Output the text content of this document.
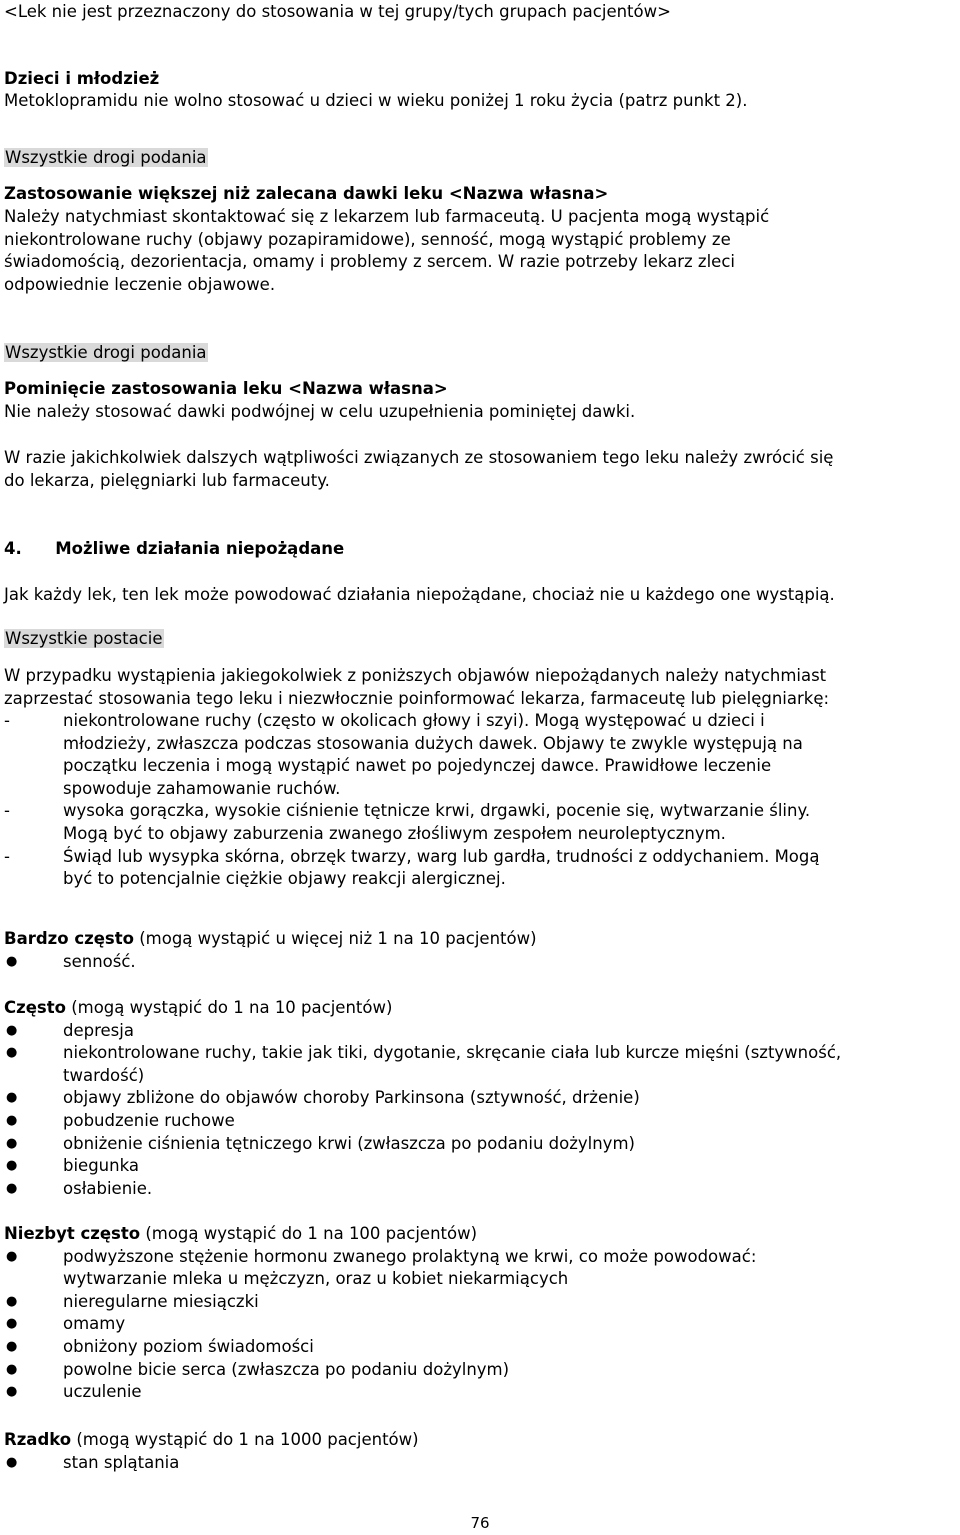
<Lek nie jest przeznaczony do stosowania w tej grupy/tych grupach pacjentów>
Dzieci i młodzież
Metoklopramidu nie wolno stosować u dzieci w wieku poniżej 1 roku życia (patrz punkt 2).
Wszystkie drogi podania
Zastosowanie większej niż zalecana dawki leku <Nazwa własna>
Należy natychmiast skontaktować się z lekarzem lub farmaceutą. U pacjenta mogą wystąpić
niekontrolowane ruchy (objawy pozapiramidowe), senność, mogą wystąpić problemy ze
świadomością, dezorientacja, omamy i problemy z sercem. W razie potrzeby lekarz zleci
odpowiednie leczenie objawowe.
Wszystkie drogi podania
Pominięcie zastosowania leku <Nazwa własna>
Nie należy stosować dawki podwójnej w celu uzupełnienia pominiętej dawki.
W razie jakichkolwiek dalszych wątpliwości związanych ze stosowaniem tego leku należy zwrócić się
do lekarza, pielęgniarki lub farmaceuty.
4. Możliwe działania niepożądane
Jak każdy lek, ten lek może powodować działania niepożądane, chociaż nie u każdego one wystąpią.
Wszystkie postacie
W przypadku wystąpienia jakiegokolwiek z poniższych objawów niepożądanych należy natychmiast
zaprzestać stosowania tego leku i niezwłocznie poinformować lekarza, farmaceutę lub pielęgniarkę:
-	niekontrolowane ruchy (często w okolicach głowy i szyi). Mogą występować u dzieci i
młodzieży, zwłaszcza podczas stosowania dużych dawek. Objawy te zwykle występują na
początku leczenia i mogą wystąpić nawet po pojedynczej dawce. Prawidłowe leczenie
spowoduje zahamowanie ruchów.
-	wysoka gorączka, wysokie ciśnienie tętnicze krwi, drgawki, pocenie się, wytwarzanie śliny.
Mogą być to objawy zaburzenia zwanego złośliwym zespołem neuroleptycznym.
-	Świąd lub wysypka skórna, obrzęk twarzy, warg lub gardła, trudności z oddychaniem. Mogą
być to potencjalnie ciężkie objawy reakcji alergicznej.
Bardzo często (mogą wystąpić u więcej niż 1 na 10 pacjentów)
●	senność.
Często (mogą wystąpić do 1 na 10 pacjentów)
●	depresja
●	niekontrolowane ruchy, takie jak tiki, dygotanie, skręcanie ciała lub kurcze mięśni (sztywność,
twardość)
●	objawy zbliżone do objawów choroby Parkinsona (sztywność, drżenie)
●	pobudzenie ruchowe
●	obniżenie ciśnienia tętniczego krwi (zwłaszcza po podaniu dożylnym)
●	biegunka
●	osłabienie.
Niezbyt często (mogą wystąpić do 1 na 100 pacjentów)
●	podwyższone stężenie hormonu zwanego prolaktyną we krwi, co może powodować:
wytwarzanie mleka u mężczyzn, oraz u kobiet niekarmiących
●	nieregularne miesiączki
●	omamy
●	obniżony poziom świadomości
●	powolne bicie serca (zwłaszcza po podaniu dożylnym)
●	uczulenie
Rzadko (mogą wystąpić do 1 na 1000 pacjentów)
●	stan splątania
76
